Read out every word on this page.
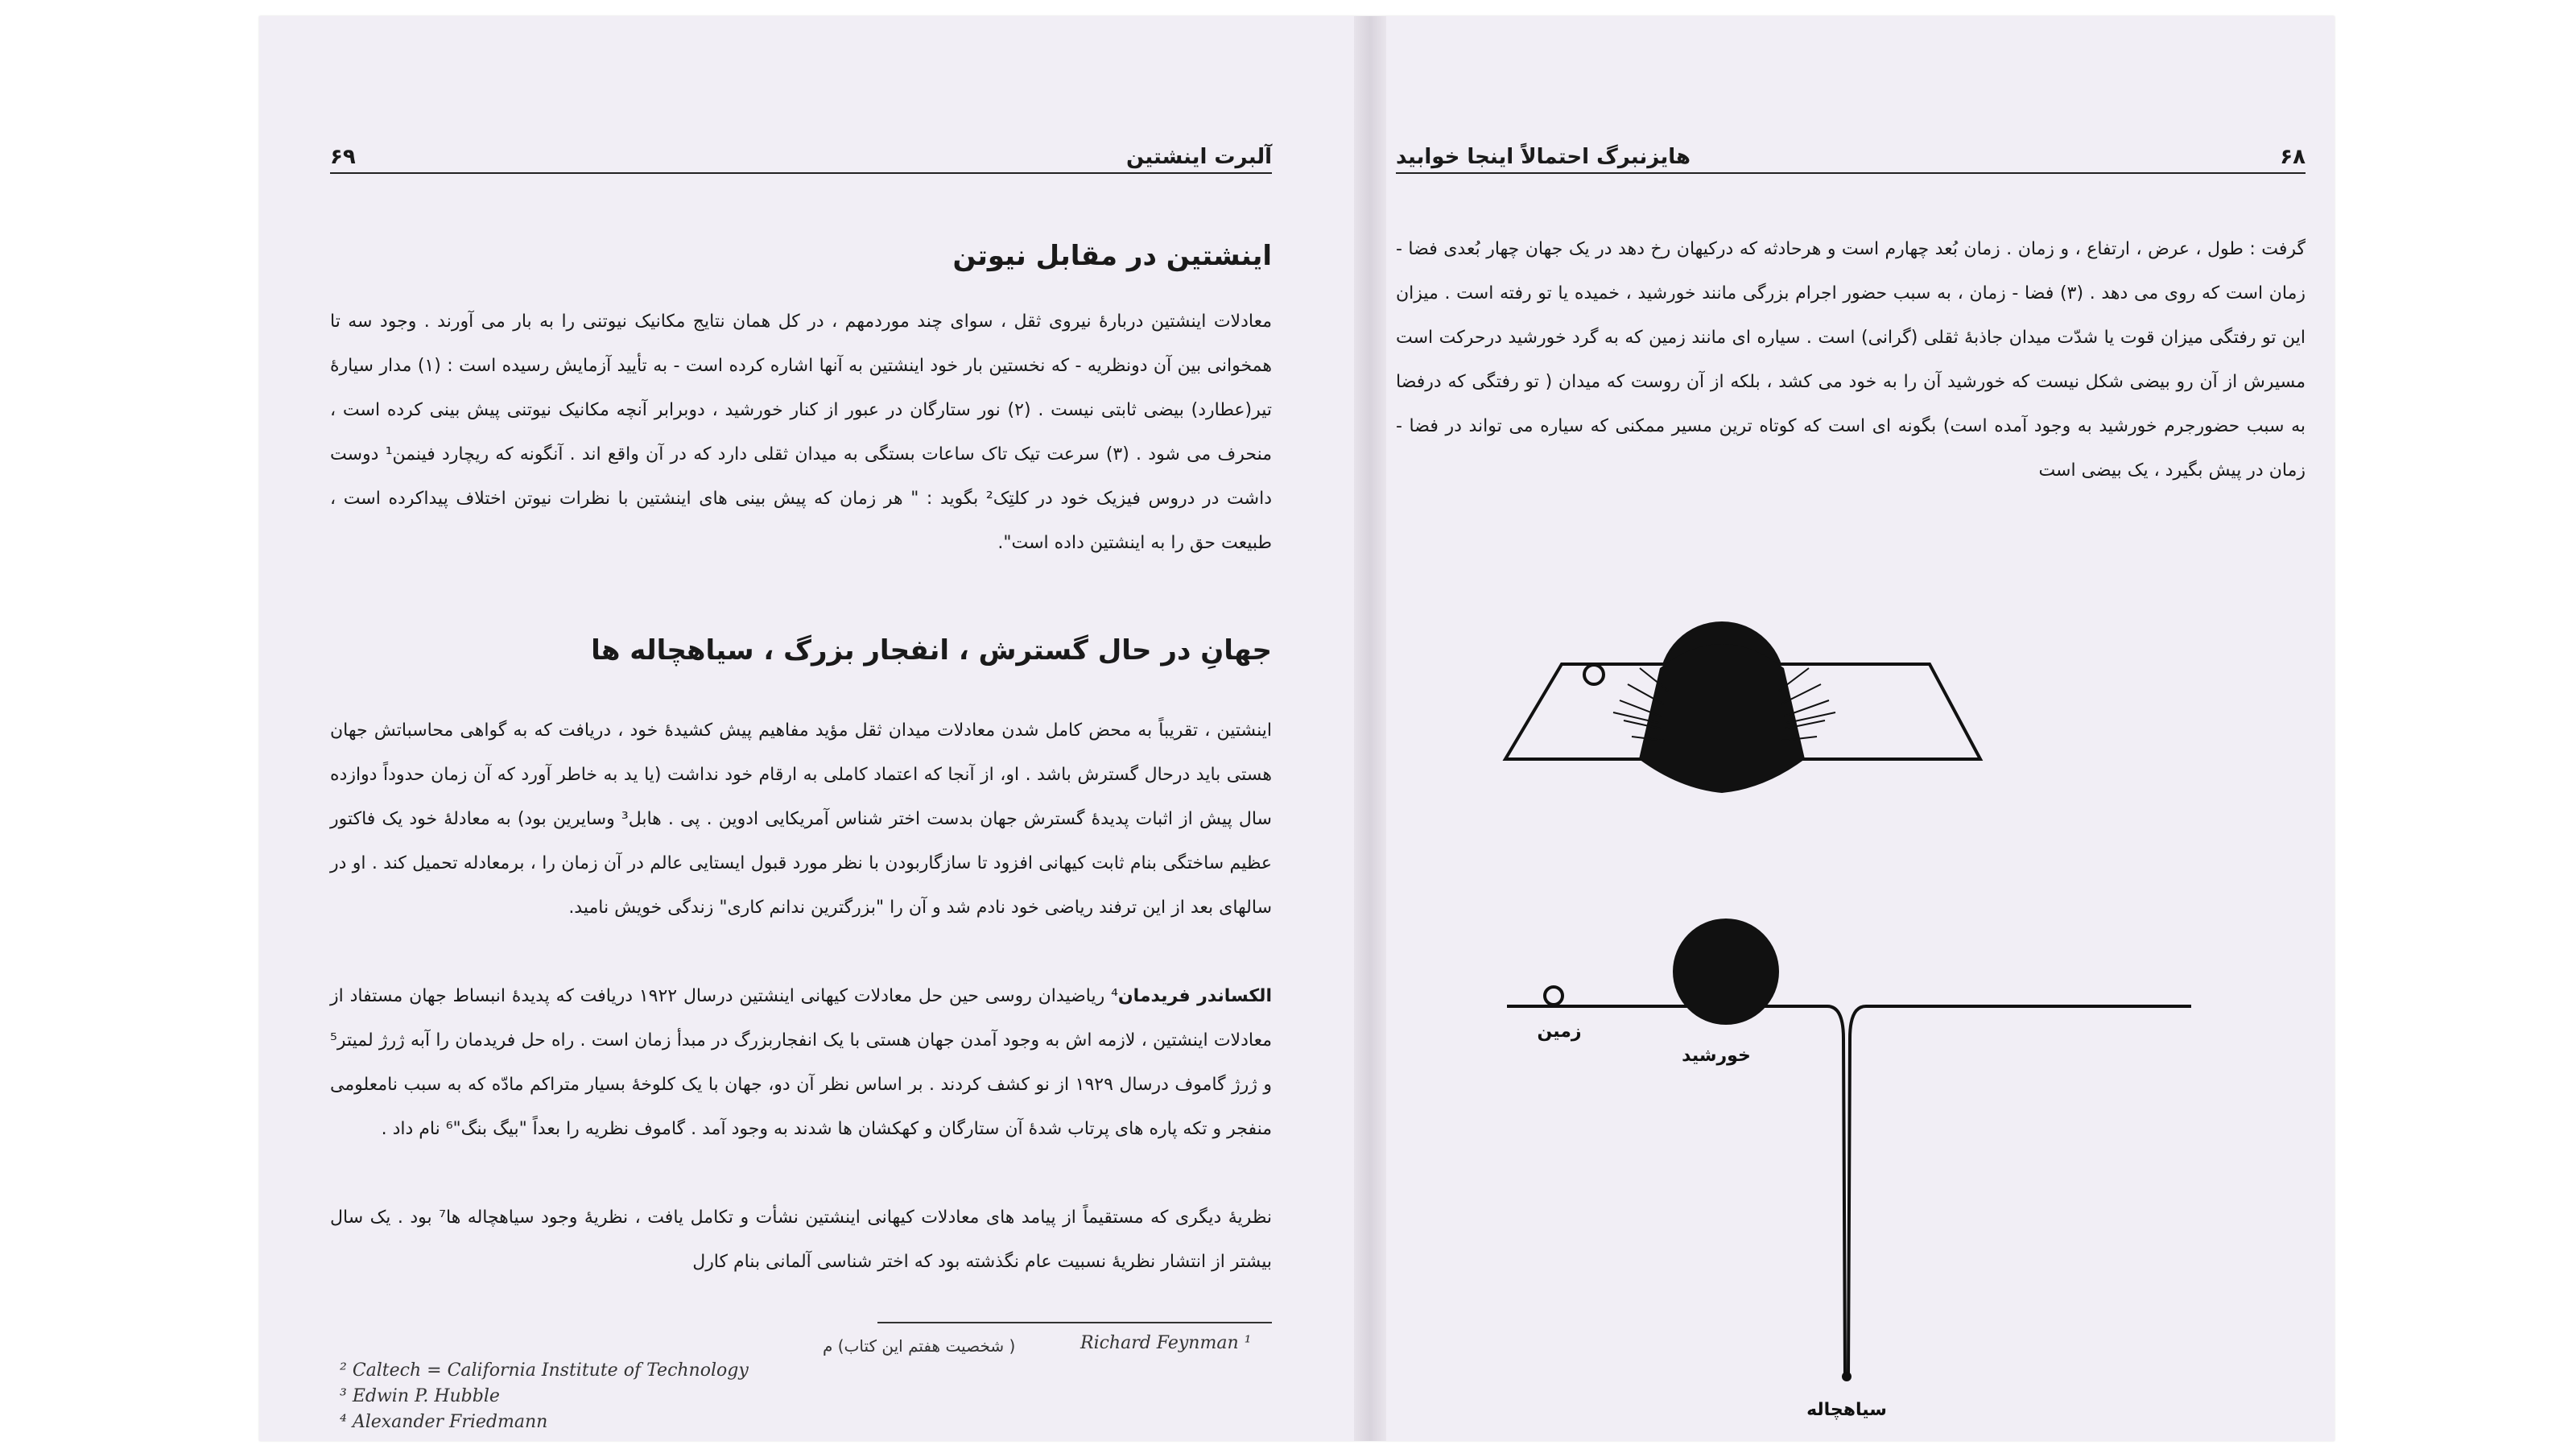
۶۹	آلبرت اینشتین
اینشتین در مقابل نیوتن
معادلات اینشتین دربارهٔ نیروی ثقل ، سوای چند موردمهم ، در کل همان نتایج مکانیک نیوتنی را به بار می آورند . وجود سه تا همخوانی بین آن دونظریه - که نخستین بار خود اینشتین به آنها اشاره کرده است - به تأیید آزمایش رسیده است : (۱) مدار سیارهٔ تیر(عطارد) بیضی ثابتی نیست . (۲) نور ستارگان در عبور از کنار خورشید ، دوبرابر آنچه مکانیک نیوتنی پیش بینی کرده است ، منحرف می شود . (۳) سرعت تیک تاک ساعات بستگی به میدان ثقلی دارد که در آن واقع اند . آنگونه که ریچارد فینمن¹ دوست داشت در دروس فیزیک خود در کلتِک² بگوید : " هر زمان که پیش بینی های اینشتین با نظرات نیوتن اختلاف پیداکرده است ، طبیعت حق را به اینشتین داده است".
جهانِ در حال گسترش ، انفجار بزرگ ، سیاهچاله ها
اینشتین ، تقریباً به محض کامل شدن معادلات میدان ثقل مؤید مفاهیم پیش کشیدهٔ خود ، دریافت که به گواهی محاسباتش جهان هستی باید درحال گسترش باشد . او، از آنجا که اعتماد کاملی به ارقام خود نداشت (یا ید به خاطر آورد که آن زمان حدوداً دوازده سال پیش از اثبات پدیدهٔ گسترش جهان بدست اختر شناس آمریکایی ادوین . پی . هابل³ وسایرین بود) به معادلهٔ خود یک فاکتور عظیم ساختگی بنام ثابت کیهانی افزود تا سازگاربودن با نظر مورد قبول ایستایی عالم در آن زمان را ، برمعادله تحمیل کند . او در سالهای بعد از این ترفند ریاضی خود نادم شد و آن را "بزرگترین ندانم کاری" زندگی خویش نامید.
الکساندر فریدمان⁴ ریاضیدان روسی حین حل معادلات کیهانی اینشتین درسال ۱۹۲۲ دریافت که پدیدهٔ انبساط جهان مستفاد از معادلات اینشتین ، لازمه اش به وجود آمدن جهان هستی با یک انفجاربزرگ در مبدأ زمان است . راه حل فریدمان را آبه ژرژ لمیتر⁵ و ژرژ گاموف درسال ۱۹۲۹ از نو کشف کردند . بر اساس نظر آن دو، جهان با یک کلوخهٔ بسیار متراکم مادّه که به سبب نامعلومی منفجر و تکه پاره های پرتاب شدهٔ آن ستارگان و کهکشان ها شدند به وجود آمد . گاموف نظریه را بعداً "بیگ بنگ"⁶ نام داد .
نظریهٔ دیگری که مستقیماً از پیامد های معادلات کیهانی اینشتین نشأت و تکامل یافت ، نظریهٔ وجود سیاهچاله ها⁷ بود . یک سال بیشتر از انتشار نظریهٔ نسبیت عام نگذشته بود که اختر شناسی آلمانی بنام کارل
Richard Feynman ¹
( شخصیت هفتم این کتاب) م
² Caltech = California Institute of Technology
³ Edwin P. Hubble
⁴ Alexander Friedmann
هایزنبرگ احتمالاً اینجا خوابید	۶۸
گرفت : طول ، عرض ، ارتفاع ، و زمان . زمان بُعد چهارم است و هرحادثه که درکیهان رخ دهد در یک جهان چهار بُعدی فضا - زمان است که روی می دهد . (۳) فضا - زمان ، به سبب حضور اجرام بزرگی مانند خورشید ، خمیده یا تو رفته است . میزان این تو رفتگی میزان قوت یا شدّت میدان جاذبهٔ ثقلی (گرانی) است . سیاره ای مانند زمین که به گرد خورشید درحرکت است مسیرش از آن رو بیضی شکل نیست که خورشید آن را به خود می کشد ، بلکه از آن روست که میدان ( تو رفتگی که درفضا به سبب حضورجرم خورشید به وجود آمده است) بگونه ای است که کوتاه ترین مسیر ممکنی که سیاره می تواند در فضا - زمان در پیش بگیرد ، یک بیضی است
زمین
خورشید
سیاهچاله
